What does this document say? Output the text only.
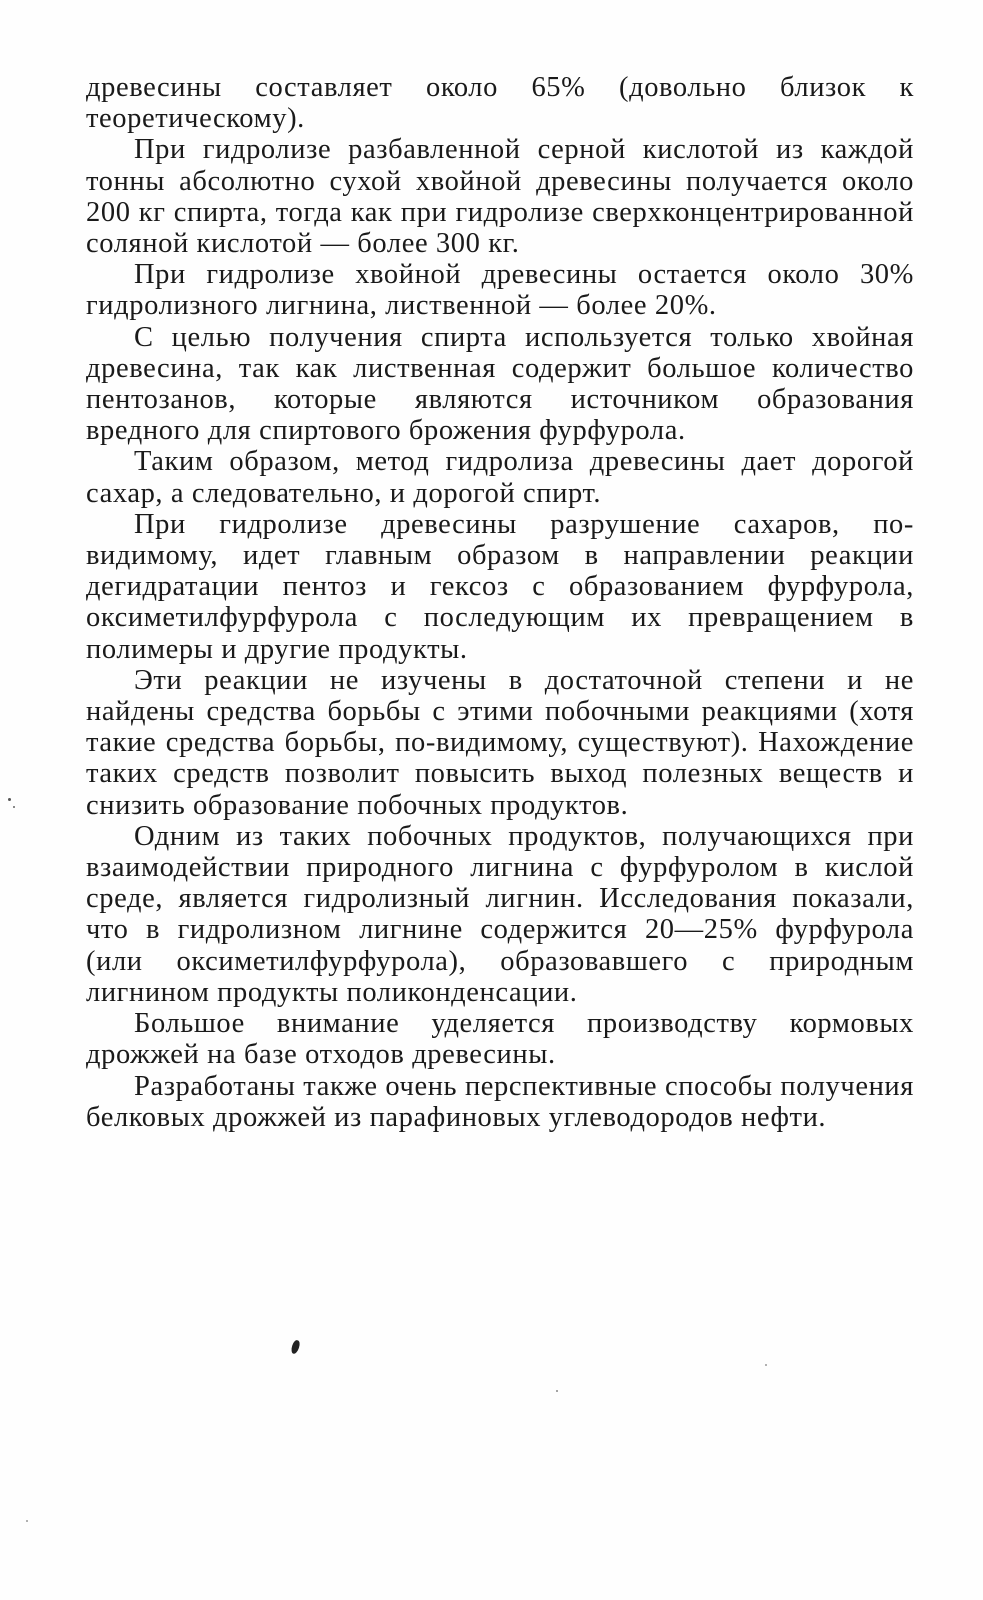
древесины составляет около 65% (довольно близок к теоретическому).

При гидролизе разбавленной серной кислотой из каждой тонны абсолютно сухой хвойной древесины получается около 200 кг спирта, тогда как при гидролизе сверхконцентрированной соляной кислотой — более 300 кг.

При гидролизе хвойной древесины остается около 30% гидролизного лигнина, лиственной — более 20%.

С целью получения спирта используется только хвойная древесина, так как лиственная содержит большое количество пентозанов, которые являются источником образования вредного для спиртового брожения фурфурола.

Таким образом, метод гидролиза древесины дает дорогой сахар, а следовательно, и дорогой спирт.

При гидролизе древесины разрушение сахаров, по-видимому, идет главным образом в направлении реакции дегидратации пентоз и гексоз с образованием фурфурола, оксиметилфурфурола с последующим их превращением в полимеры и другие продукты.

Эти реакции не изучены в достаточной степени и не найдены средства борьбы с этими побочными реакциями (хотя такие средства борьбы, по-видимому, существуют). Нахождение таких средств позволит повысить выход полезных веществ и снизить образование побочных продуктов.

Одним из таких побочных продуктов, получающихся при взаимодействии природного лигнина с фурфуролом в кислой среде, является гидролизный лигнин. Исследования показали, что в гидролизном лигнине содержится 20—25% фурфурола (или оксиметилфурфурола), образовавшего с природным лигнином продукты поликонденсации.

Большое внимание уделяется производству кормовых дрожжей на базе отходов древесины.

Разработаны также очень перспективные способы получения белковых дрожжей из парафиновых углеводородов нефти.
